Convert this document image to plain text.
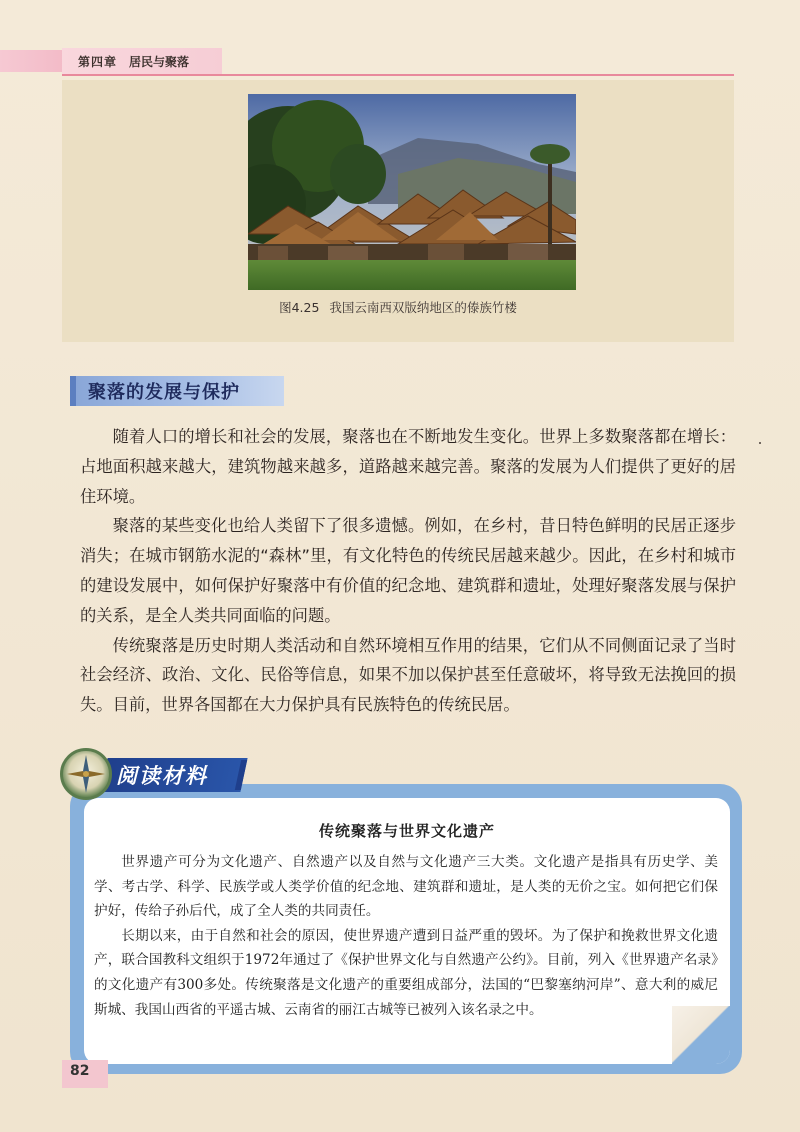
第四章 居民与聚落
图4.25 我国云南西双版纳地区的傣族竹楼
聚落的发展与保护

随着人口的增长和社会的发展，聚落也在不断地发生变化。世界上多数聚落都在增长：占地面积越来越大，建筑物越来越多，道路越来越完善。聚落的发展为人们提供了更好的居住环境。

聚落的某些变化也给人类留下了很多遗憾。例如，在乡村，昔日特色鲜明的民居正逐步消失；在城市钢筋水泥的“森林”里，有文化特色的传统民居越来越少。因此，在乡村和城市的建设发展中，如何保护好聚落中有价值的纪念地、建筑群和遗址，处理好聚落发展与保护的关系，是全人类共同面临的问题。

传统聚落是历史时期人类活动和自然环境相互作用的结果，它们从不同侧面记录了当时社会经济、政治、文化、民俗等信息，如果不加以保护甚至任意破坏，将导致无法挽回的损失。目前，世界各国都在大力保护具有民族特色的传统民居。

传统聚落与世界文化遗产

世界遗产可分为文化遗产、自然遗产以及自然与文化遗产三大类。文化遗产是指具有历史学、美学、考古学、科学、民族学或人类学价值的纪念地、建筑群和遗址，是人类的无价之宝。如何把它们保护好，传给子孙后代，成了全人类的共同责任。

长期以来，由于自然和社会的原因，使世界遗产遭到日益严重的毁坏。为了保护和挽救世界文化遗产，联合国教科文组织于1972年通过了《保护世界文化与自然遗产公约》。目前，列入《世界遗产名录》的文化遗产有300多处。传统聚落是文化遗产的重要组成部分，法国的“巴黎塞纳河岸”、意大利的威尼斯城、我国山西省的平遥古城、云南省的丽江古城等已被列入该名录之中。

阅读材料
82
